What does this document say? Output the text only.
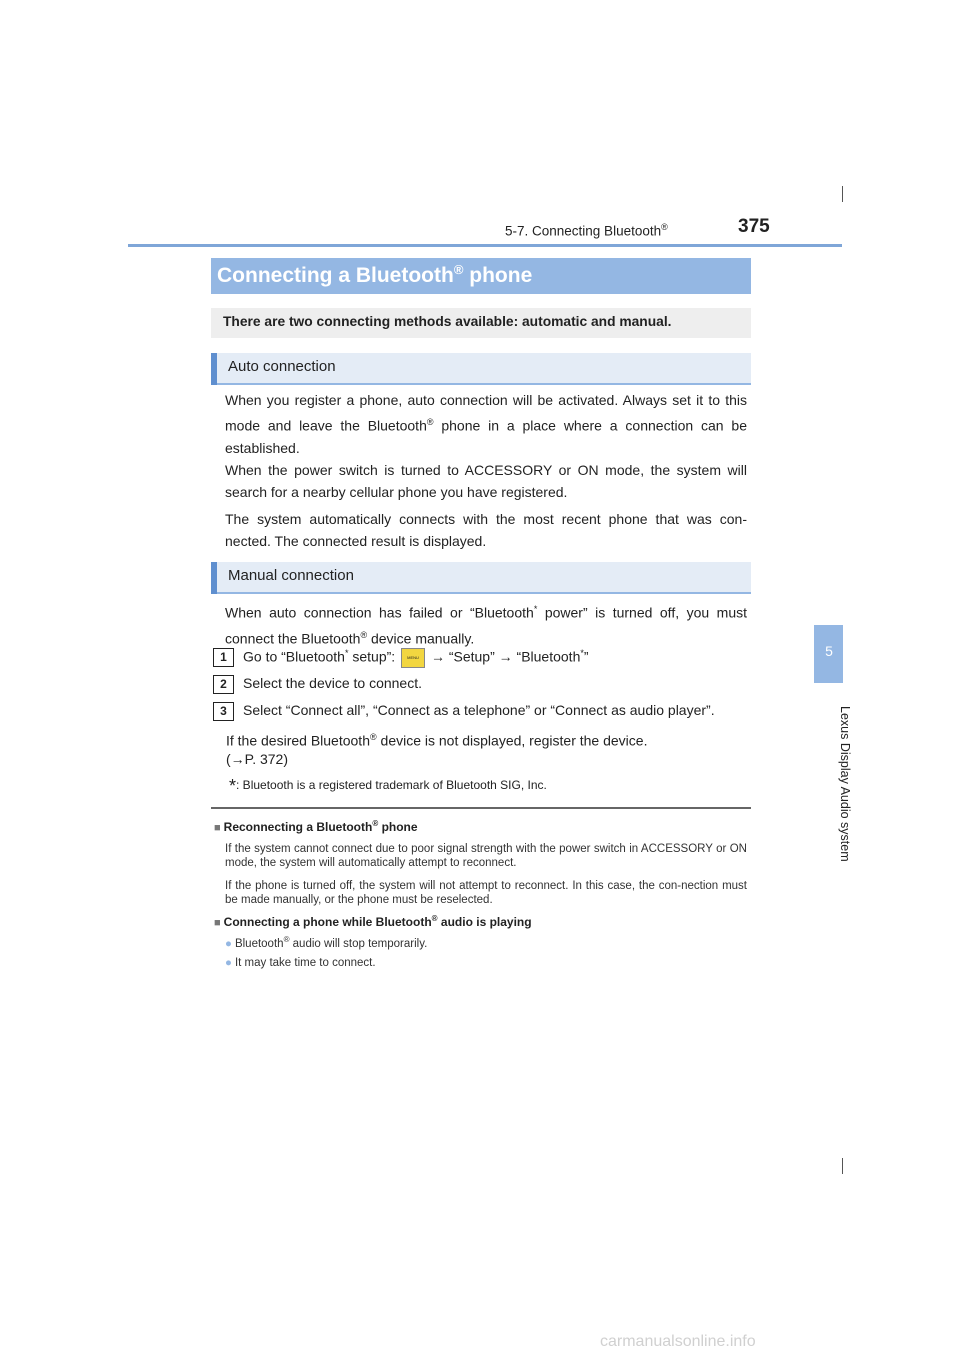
5-7. Connecting Bluetooth®	375
5
Lexus Display Audio system
Connecting a Bluetooth® phone
There are two connecting methods available: automatic and manual.
Auto connection
When you register a phone, auto connection will be activated. Always set it to this mode and leave the Bluetooth® phone in a place where a connection can be established.
When the power switch is turned to ACCESSORY or ON mode, the system will search for a nearby cellular phone you have registered.
The system automatically connects with the most recent phone that was con-nected. The connected result is displayed.
Manual connection
When auto connection has failed or “Bluetooth* power” is turned off, you must connect the Bluetooth® device manually.
1	Go to “Bluetooth* setup”:	MENU → “Setup” → “Bluetooth*”
2	Select the device to connect.
3	Select “Connect all”, “Connect as a telephone” or “Connect as audio player”.
If the desired Bluetooth® device is not displayed, register the device.
(→P. 372)
*: Bluetooth is a registered trademark of Bluetooth SIG, Inc.
■ Reconnecting a Bluetooth® phone
If the system cannot connect due to poor signal strength with the power switch in ACCESSORY or ON mode, the system will automatically attempt to reconnect.
If the phone is turned off, the system will not attempt to reconnect. In this case, the con-nection must be made manually, or the phone must be reselected.
■ Connecting a phone while Bluetooth® audio is playing
● Bluetooth® audio will stop temporarily.
● It may take time to connect.
carmanualsonline.info
